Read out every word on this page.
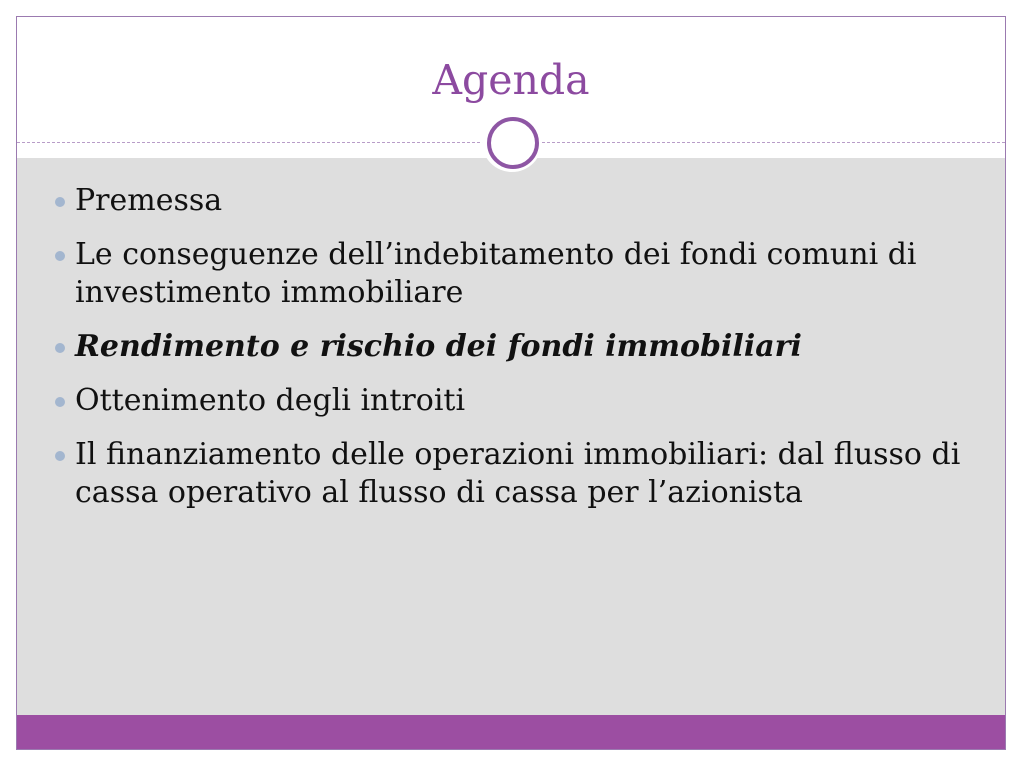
Agenda
Premessa
Le conseguenze dell’indebitamento dei fondi comuni di investimento immobiliare
Rendimento e rischio dei fondi immobiliari
Ottenimento degli introiti
Il finanziamento delle operazioni immobiliari: dal flusso di cassa operativo al flusso di cassa per l’azionista
